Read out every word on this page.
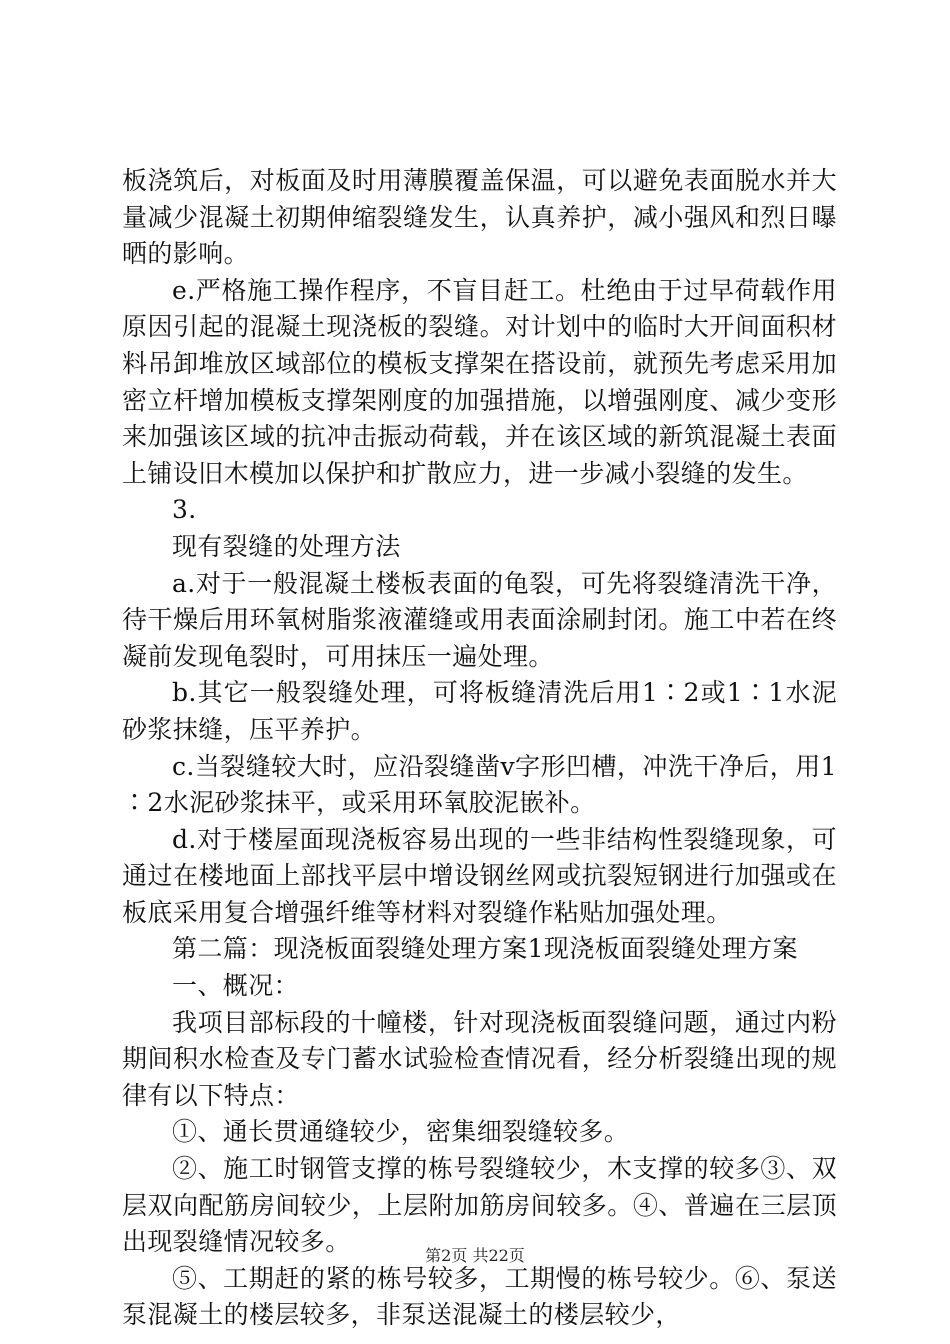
板浇筑后，对板面及时用薄膜覆盖保温，可以避免表面脱水并大量减少混凝土初期伸缩裂缝发生，认真养护，减小强风和烈日曝晒的影响。

e.严格施工操作程序，不盲目赶工。杜绝由于过早荷载作用原因引起的混凝土现浇板的裂缝。对计划中的临时大开间面积材料吊卸堆放区域部位的模板支撑架在搭设前，就预先考虑采用加密立杆增加模板支撑架刚度的加强措施，以增强刚度、减少变形来加强该区域的抗冲击振动荷载，并在该区域的新筑混凝土表面上铺设旧木模加以保护和扩散应力，进一步减小裂缝的发生。

3.

现有裂缝的处理方法

a.对于一般混凝土楼板表面的龟裂，可先将裂缝清洗干净，待干燥后用环氧树脂浆液灌缝或用表面涂刷封闭。施工中若在终凝前发现龟裂时，可用抹压一遍处理。

b.其它一般裂缝处理，可将板缝清洗后用1∶2或1∶1水泥砂浆抹缝，压平养护。

c.当裂缝较大时，应沿裂缝凿v字形凹槽，冲洗干净后，用1∶2水泥砂浆抹平，或采用环氧胶泥嵌补。

d.对于楼屋面现浇板容易出现的一些非结构性裂缝现象，可通过在楼地面上部找平层中增设钢丝网或抗裂短钢进行加强或在板底采用复合增强纤维等材料对裂缝作粘贴加强处理。

第二篇：现浇板面裂缝处理方案1现浇板面裂缝处理方案

一、概况：

我项目部标段的十幢楼，针对现浇板面裂缝问题，通过内粉期间积水检查及专门蓄水试验检查情况看，经分析裂缝出现的规律有以下特点：

①、通长贯通缝较少，密集细裂缝较多。

②、施工时钢管支撑的栋号裂缝较少，木支撑的较多③、双层双向配筋房间较少，上层附加筋房间较多。④、普遍在三层顶出现裂缝情况较多。

⑤、工期赶的紧的栋号较多，工期慢的栋号较少。⑥、泵送泵混凝土的楼层较多，非泵送混凝土的楼层较少，

第2页 共22页
